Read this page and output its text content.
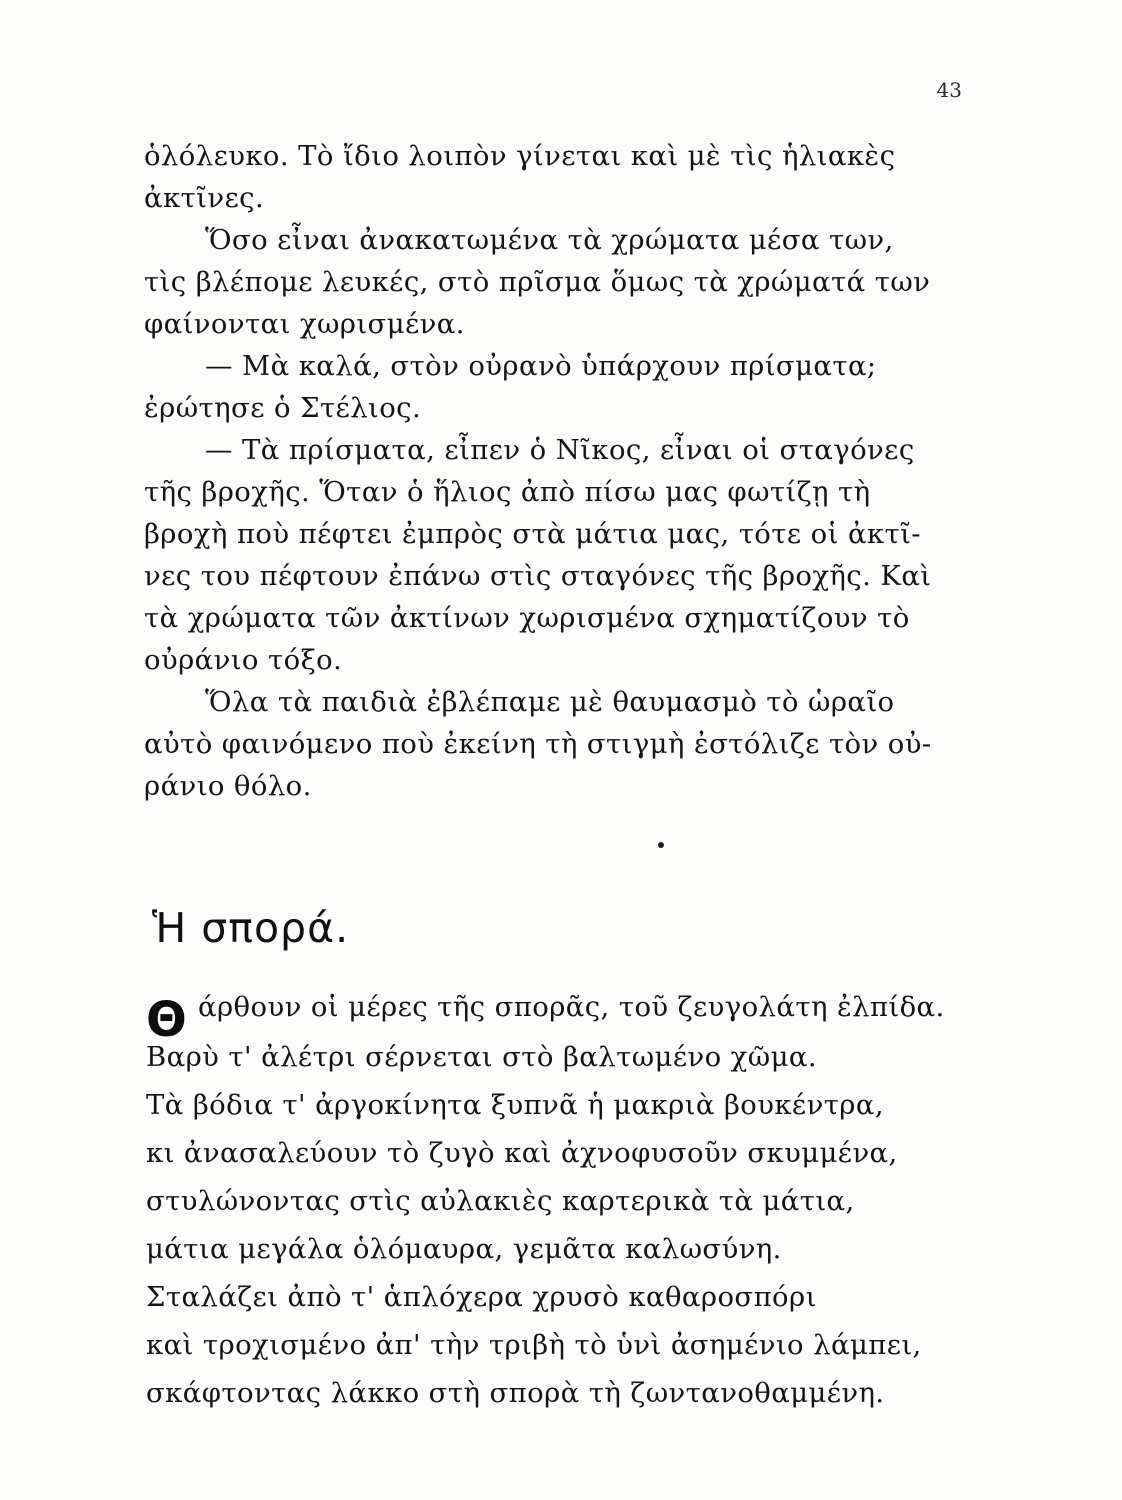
43
ὁλόλευκο. Τὸ ἴδιο λοιπὸν γίνεται καὶ μὲ τὶς ἡλιακὲς
ἀκτῖνες.
Ὅσο εἶναι ἀνακατωμένα τὰ χρώματα μέσα των,
τὶς βλέπομε λευκές, στὸ πρῖσμα ὅμως τὰ χρώματά των
φαίνονται χωρισμένα.
— Μὰ καλά, στὸν οὐρανὸ ὑπάρχουν πρίσματα;
ἐρώτησε ὁ Στέλιος.
— Τὰ πρίσματα, εἶπεν ὁ Νῖκος, εἶναι οἱ σταγόνες
τῆς βροχῆς. Ὅταν ὁ ἥλιος ἀπὸ πίσω μας φωτίζῃ τὴ
βροχὴ ποὺ πέφτει ἐμπρὸς στὰ μάτια μας, τότε οἱ ἀκτῖ-
νες του πέφτουν ἐπάνω στὶς σταγόνες τῆς βροχῆς. Καὶ
τὰ χρώματα τῶν ἀκτίνων χωρισμένα σχηματίζουν τὸ
οὐράνιο τόξο.
Ὅλα τὰ παιδιὰ ἐβλέπαμε μὲ θαυμασμὸ τὸ ὡραῖο
αὐτὸ φαινόμενο ποὺ ἐκείνη τὴ στιγμὴ ἐστόλιζε τὸν οὐ-
ράνιο θόλο.
Ἡ σπορά.
Θ άρθουν οἱ μέρες τῆς σπορᾶς, τοῦ ζευγολάτη ἐλπίδα.
Βαρὺ τ' ἀλέτρι σέρνεται στὸ βαλτωμένο χῶμα.
Τὰ βόδια τ' ἀργοκίνητα ξυπνᾶ ἡ μακριὰ βουκέντρα,
κι ἀνασαλεύουν τὸ ζυγὸ καὶ ἀχνοφυσοῦν σκυμμένα,
στυλώνοντας στὶς αὐλακιὲς καρτερικὰ τὰ μάτια,
μάτια μεγάλα ὁλόμαυρα, γεμᾶτα καλωσύνη.
Σταλάζει ἀπὸ τ' ἁπλόχερα χρυσὸ καθαροσπόρι
καὶ τροχισμένο ἀπ' τὴν τριβὴ τὸ ὑνὶ ἀσημένιο λάμπει,
σκάφτοντας λάκκο στὴ σπορὰ τὴ ζωντανοθαμμένη.
